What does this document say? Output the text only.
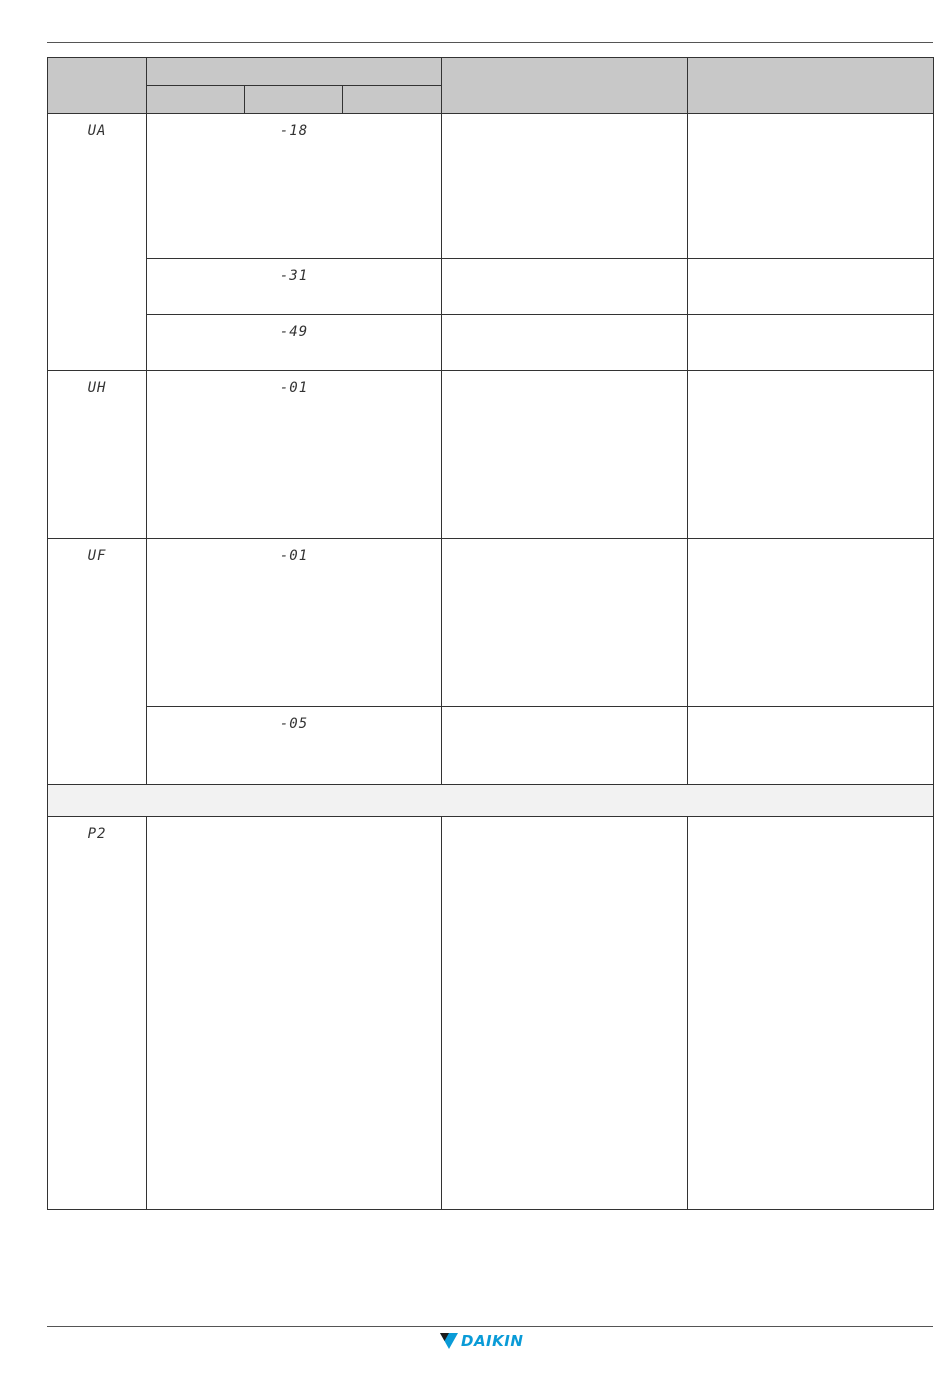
UA	-18				

	-31				

	-49				

UH	-01				

UF	-01				

	-05				

P2					

DAIKIN
